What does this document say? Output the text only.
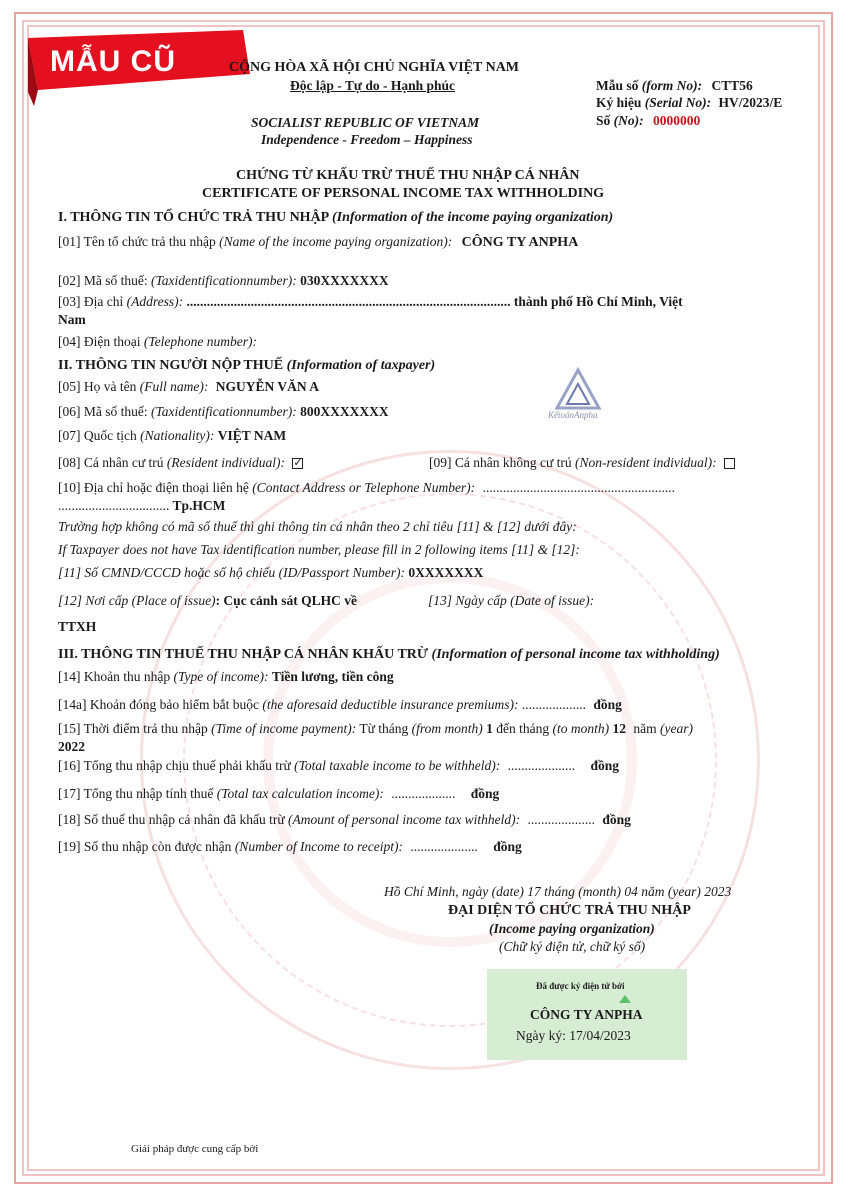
MẪU CŨ	CỘNG HÒA XÃ HỘI CHỦ NGHĨA VIỆT NAM
Độc lập - Tự do - Hạnh phúc
SOCIALIST REPUBLIC OF VIETNAM
Independence - Freedom – Happiness
Mẫu số (form No): CTT56
Ký hiệu (Serial No): HV/2023/E
Số (No): 0000000
CHỨNG TỪ KHẤU TRỪ THUẾ THU NHẬP CÁ NHÂN
CERTIFICATE OF PERSONAL INCOME TAX WITHHOLDING
I. THÔNG TIN TỔ CHỨC TRẢ THU NHẬP (Information of the income paying organization)
[01] Tên tổ chức trả thu nhập (Name of the income paying organization): CÔNG TY ANPHA
[02] Mã số thuế: (Taxidentificationnumber): 030XXXXXXX
[03] Địa chỉ (Address): ................................................................................................ thành phố Hồ Chí Minh, Việt
Nam
[04] Điện thoại (Telephone number):
II. THÔNG TIN NGƯỜI NỘP THUẾ (Information of taxpayer)
KếtoánAnpha
[05] Họ và tên (Full name): NGUYỄN VĂN A
[06] Mã số thuế: (Taxidentificationnumber): 800XXXXXXX
[07] Quốc tịch (Nationality): VIỆT NAM
[08] Cá nhân cư trú (Resident individual): ✓	[09] Cá nhân không cư trú (Non-resident individual):
[10] Địa chỉ hoặc điện thoại liên hệ (Contact Address or Telephone Number): .........................................................
................................. Tp.HCM
Trường hợp không có mã số thuế thì ghi thông tin cá nhân theo 2 chỉ tiêu [11] & [12] dưới đây:
If Taxpayer does not have Tax identification number, please fill in 2 following items [11] & [12]:
[11] Số CMND/CCCD hoặc số hộ chiếu (ID/Passport Number): 0XXXXXXX
[12] Nơi cấp (Place of issue): Cục cảnh sát QLHC về	[13] Ngày cấp (Date of issue):
TTXH
III. THÔNG TIN THUẾ THU NHẬP CÁ NHÂN KHẤU TRỪ (Information of personal income tax withholding)
[14] Khoản thu nhập (Type of income): Tiền lương, tiền công
[14a] Khoản đóng bảo hiểm bắt buộc (the aforesaid deductible insurance premiums): ................... đồng
[15] Thời điểm trả thu nhập (Time of income payment): Từ tháng (from month) 1 đến tháng (to month) 12 năm (year)
2022
[16] Tổng thu nhập chịu thuế phải khấu trừ (Total taxable income to be withheld): .................... đồng
[17] Tổng thu nhập tính thuế (Total tax calculation income): ................... đồng
[18] Số thuế thu nhập cá nhân đã khấu trừ (Amount of personal income tax withheld): .................... đồng
[19] Số thu nhập còn được nhận (Number of Income to receipt): .................... đồng
Hồ Chí Minh, ngày (date) 17 tháng (month) 04 năm (year) 2023
ĐẠI DIỆN TỔ CHỨC TRẢ THU NHẬP
(Income paying organization)
(Chữ ký điện tử, chữ ký số)
Đã được ký điện tử bởi
CÔNG TY ANPHA
Ngày ký: 17/04/2023
Giải pháp được cung cấp bởi
